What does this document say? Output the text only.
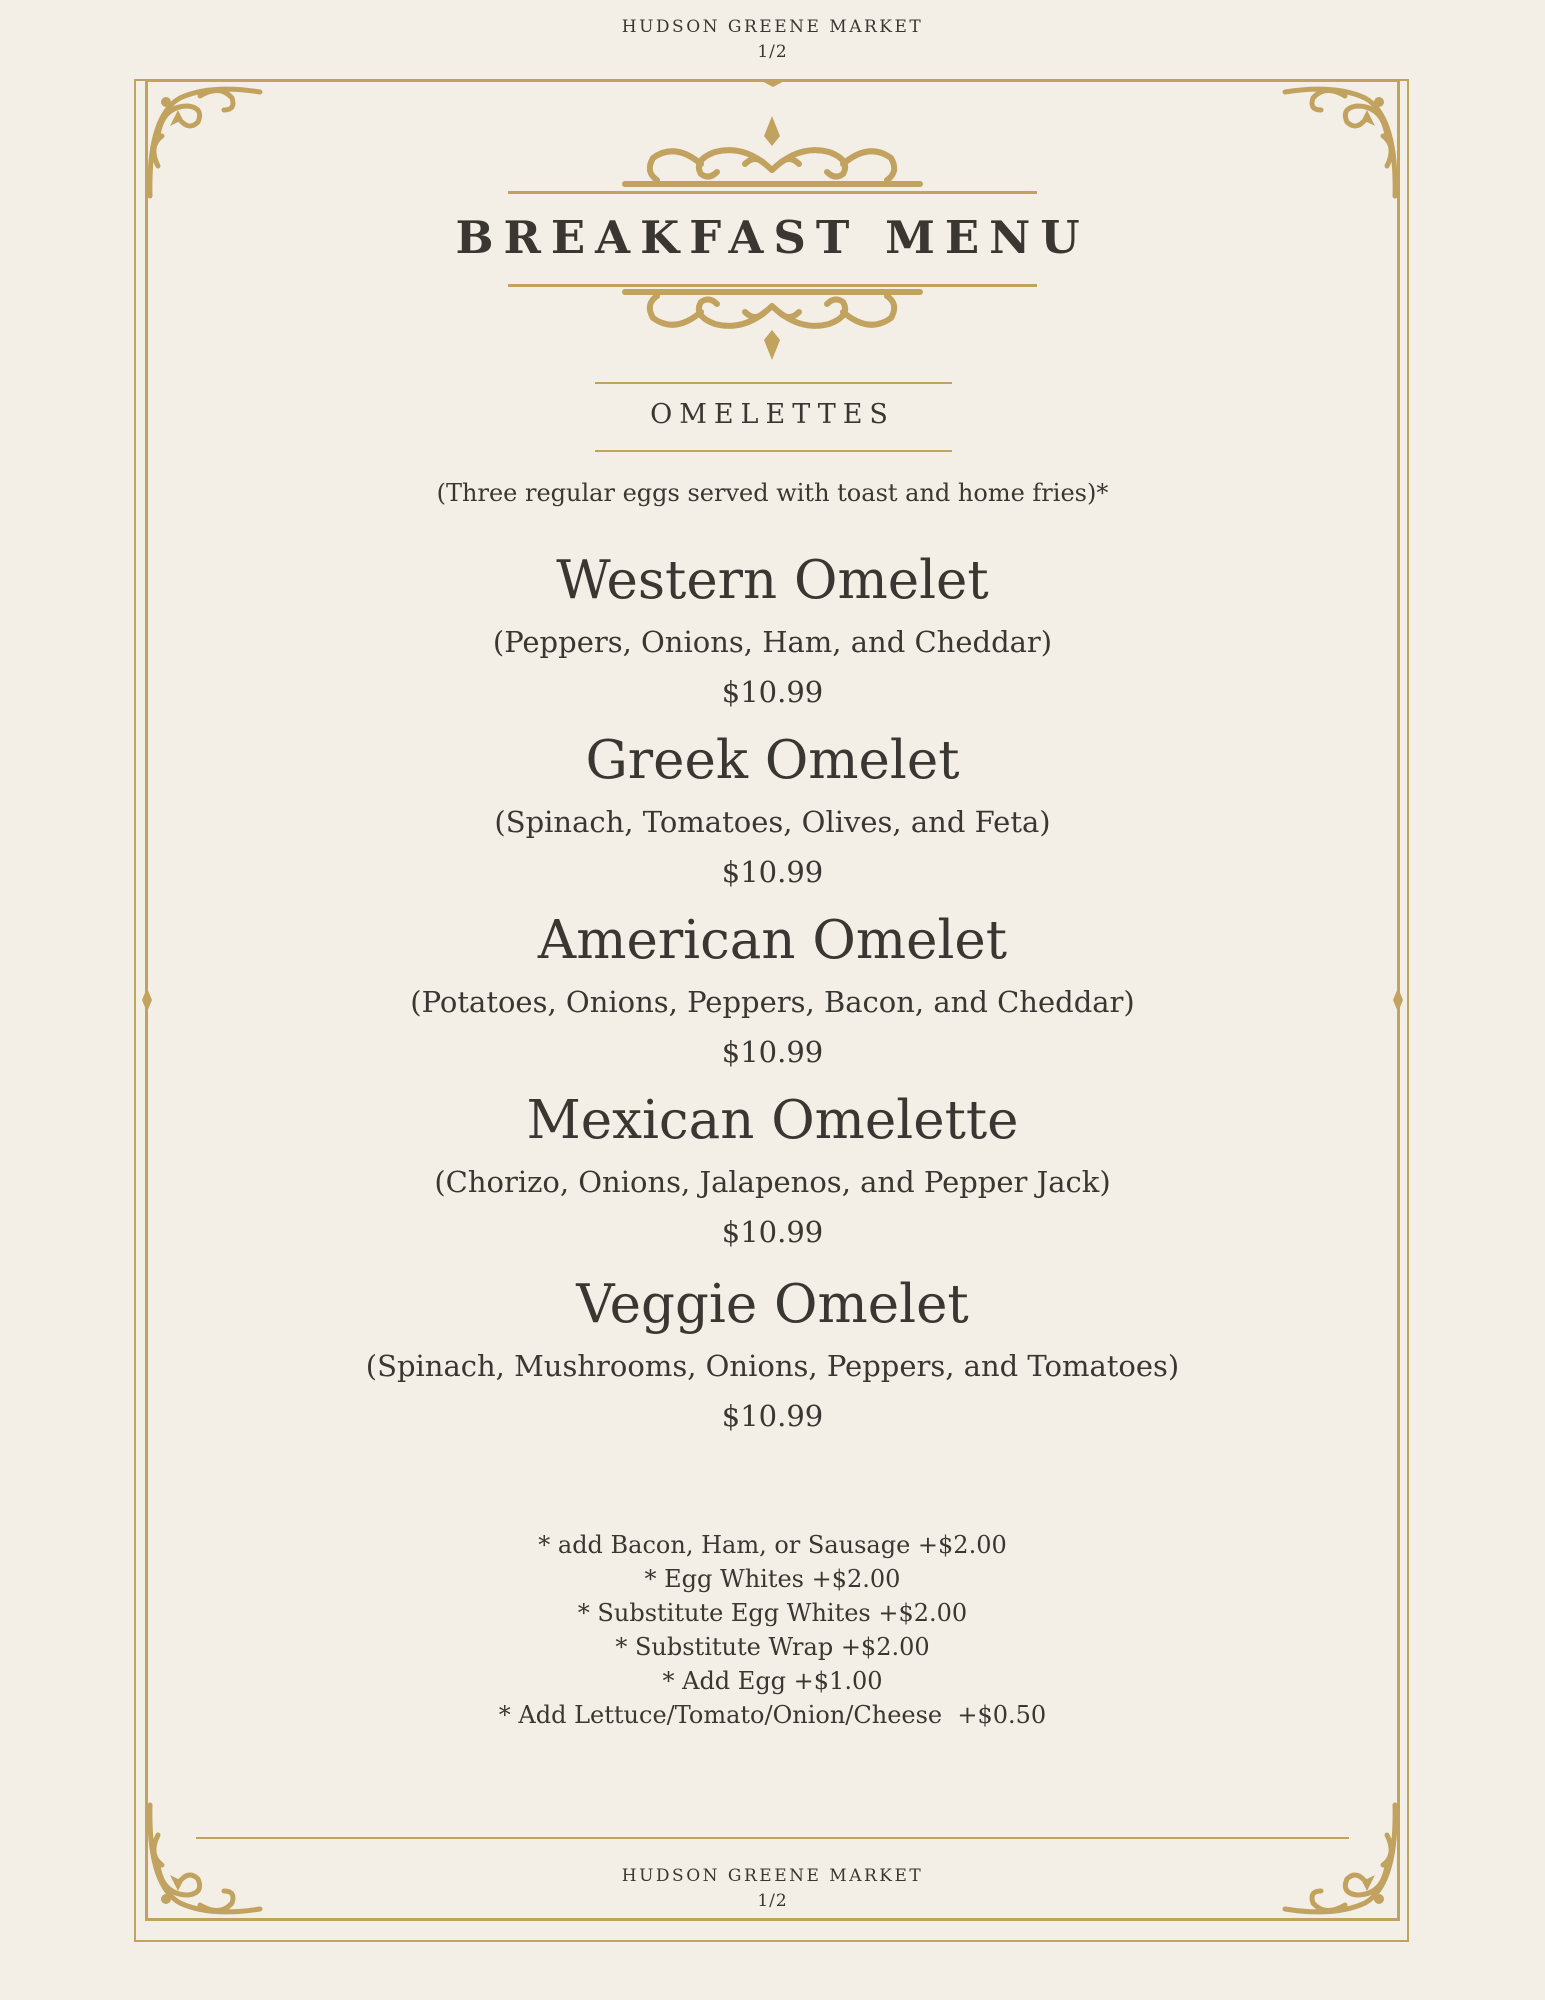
HUDSON GREENE MARKET
1/2
BREAKFAST MENU
OMELETTES
(Three regular eggs served with toast and home fries)*
Western Omelet
(Peppers, Onions, Ham, and Cheddar)
$10.99
Greek Omelet
(Spinach, Tomatoes, Olives, and Feta)
$10.99
American Omelet
(Potatoes, Onions, Peppers, Bacon, and Cheddar)
$10.99
Mexican Omelette
(Chorizo, Onions, Jalapenos, and Pepper Jack)
$10.99
Veggie Omelet
(Spinach, Mushrooms, Onions, Peppers, and Tomatoes)
$10.99
* add Bacon, Ham, or Sausage +$2.00
* Egg Whites +$2.00
* Substitute Egg Whites +$2.00
* Substitute Wrap +$2.00
* Add Egg +$1.00
* Add Lettuce/Tomato/Onion/Cheese  +$0.50
HUDSON GREENE MARKET
1/2
